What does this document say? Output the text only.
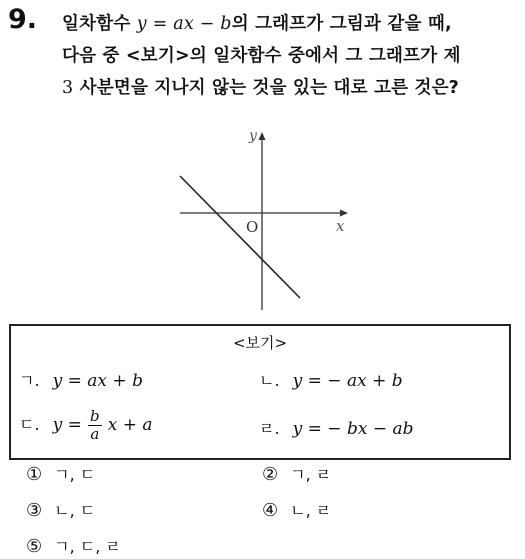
9. 일차함수 y = ax − b의 그래프가 그림과 같을 때,
다음 중 <보기>의 일차함수 중에서 그 그래프가 제
3 사분면을 지나지 않는 것을 있는 대로 고른 것은?
y
x
O
<보기>
ㄱ. y = ax + b	ㄴ. y = − ax + b
ㄷ. $y = \frac{b}{a}$ x + a	ㄹ. y = − bx − ab
① ㄱ, ㄷ	② ㄱ, ㄹ
③ ㄴ, ㄷ	④ ㄴ, ㄹ
⑤ ㄱ, ㄷ, ㄹ
